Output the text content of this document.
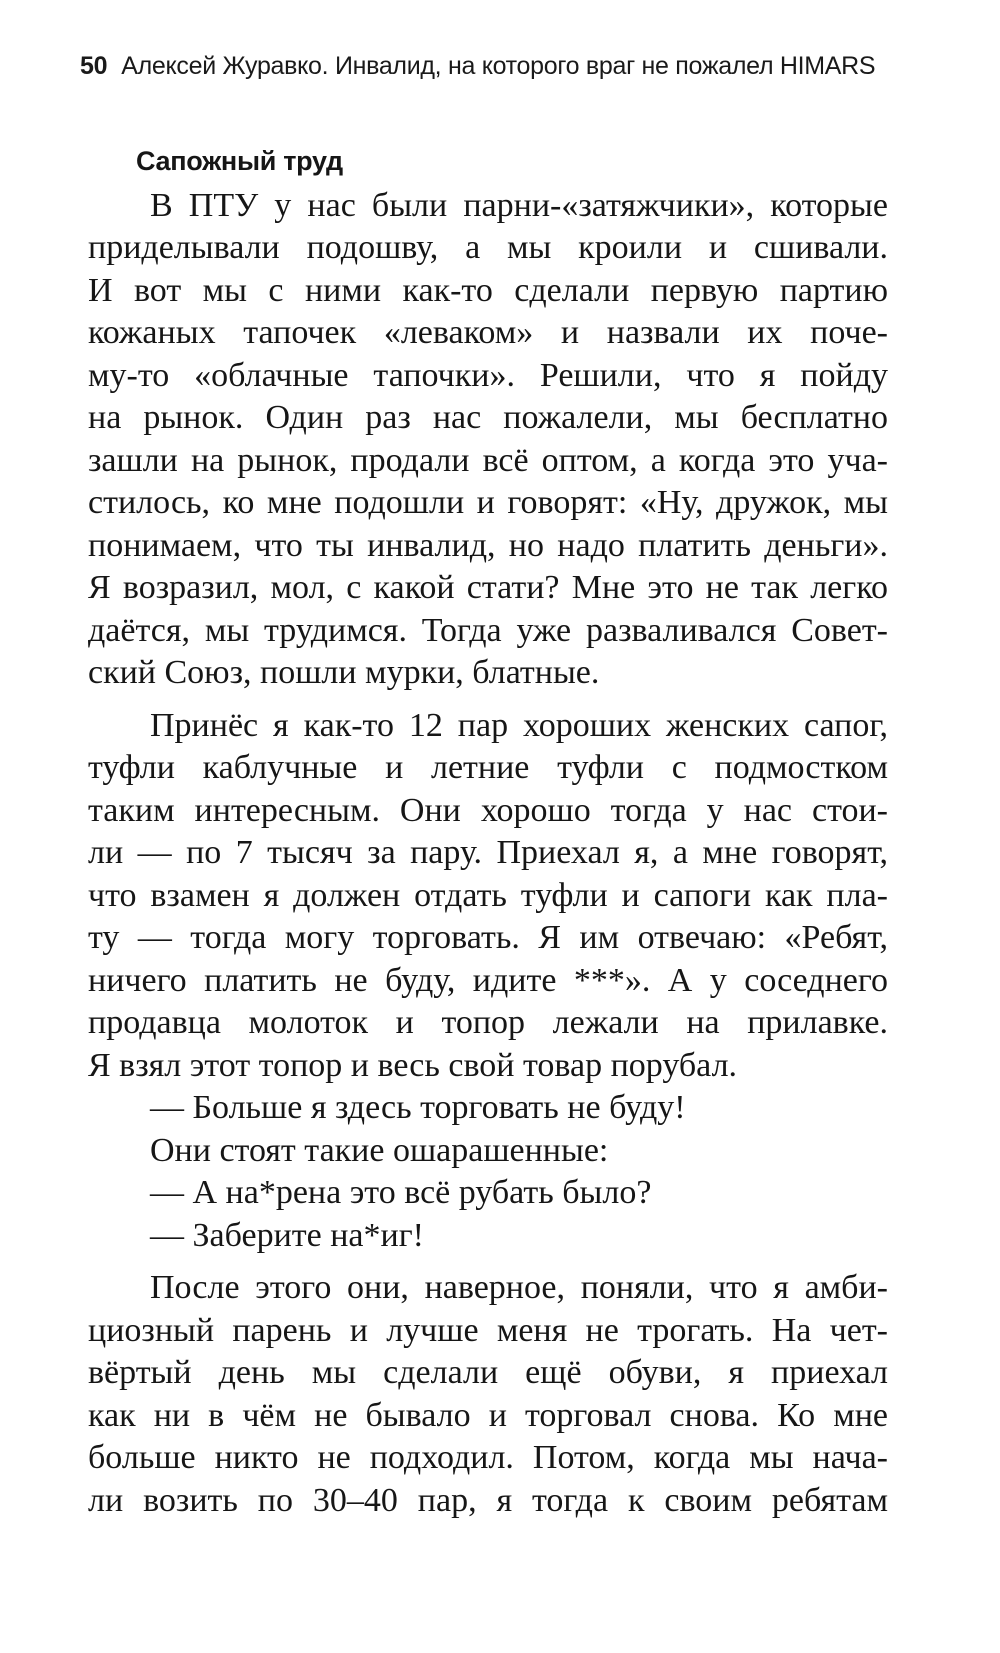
50 Алексей Журавко. Инвалид, на которого враг не пожалел HIMARS
Сапожный труд
В ПТУ у нас были парни-«затяжчики», которые
приделывали подошву, а мы кроили и сшивали.
И вот мы с ними как-то сделали первую партию
кожаных тапочек «леваком» и назвали их поче-
му-то «облачные тапочки». Решили, что я пойду
на рынок. Один раз нас пожалели, мы бесплатно
зашли на рынок, продали всё оптом, а когда это уча-
стилось, ко мне подошли и говорят: «Ну, дружок, мы
понимаем, что ты инвалид, но надо платить деньги».
Я возразил, мол, с какой стати? Мне это не так легко
даётся, мы трудимся. Тогда уже разваливался Совет-
ский Союз, пошли мурки, блатные.
Принёс я как-то 12 пар хороших женских сапог,
туфли каблучные и летние туфли с подмостком
таким интересным. Они хорошо тогда у нас стои-
ли — по 7 тысяч за пару. Приехал я, а мне говорят,
что взамен я должен отдать туфли и сапоги как пла-
ту — тогда могу торговать. Я им отвечаю: «Ребят,
ничего платить не буду, идите ***». А у соседнего
продавца молоток и топор лежали на прилавке.
Я взял этот топор и весь свой товар порубал.
— Больше я здесь торговать не буду!
Они стоят такие ошарашенные:
— А на*рена это всё рубать было?
— Заберите на*иг!
После этого они, наверное, поняли, что я амби-
циозный парень и лучше меня не трогать. На чет-
вёртый день мы сделали ещё обуви, я приехал
как ни в чём не бывало и торговал снова. Ко мне
больше никто не подходил. Потом, когда мы нача-
ли возить по 30–40 пар, я тогда к своим ребятам
